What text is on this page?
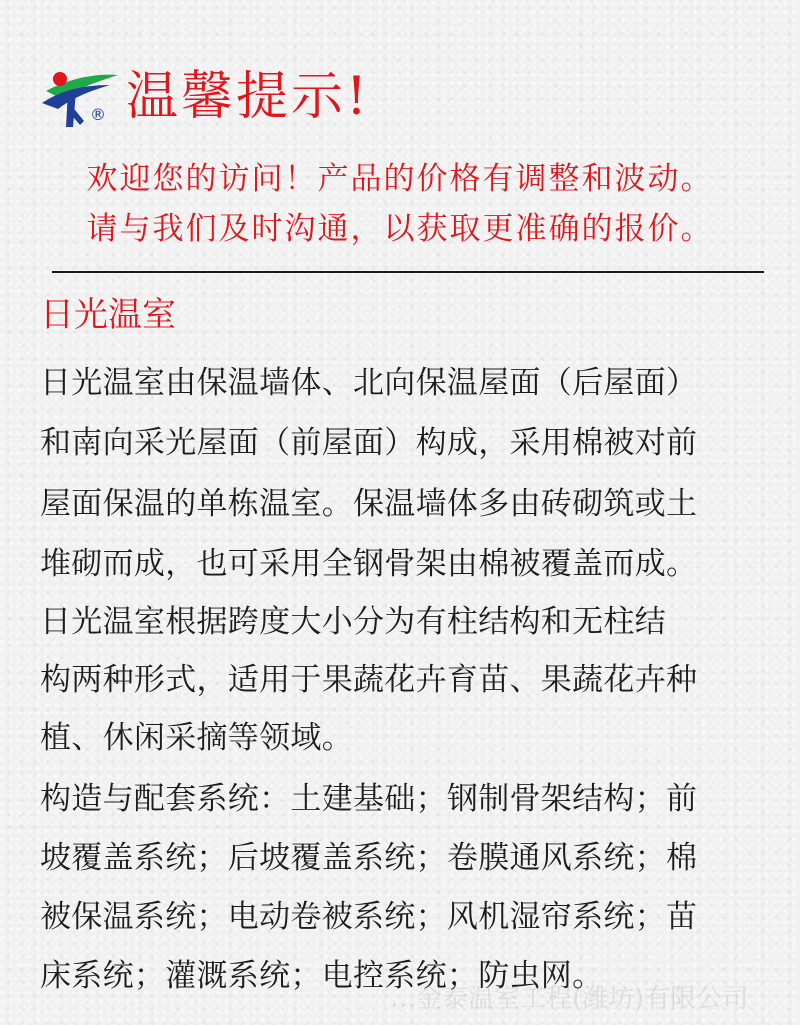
® 温馨提示!
欢迎您的访问！产品的价格有调整和波动。
请与我们及时沟通，以获取更准确的报价。
日光温室
日光温室由保温墙体、北向保温屋面（后屋面）
和南向采光屋面（前屋面）构成，采用棉被对前
屋面保温的单栋温室。保温墙体多由砖砌筑或土
堆砌而成，也可采用全钢骨架由棉被覆盖而成。
日光温室根据跨度大小分为有柱结构和无柱结
构两种形式，适用于果蔬花卉育苗、果蔬花卉种
植、休闲采摘等领域。
构造与配套系统：土建基础；钢制骨架结构；前
坡覆盖系统；后坡覆盖系统；卷膜通风系统；棉
被保温系统；电动卷被系统；风机湿帘系统；苗
床系统；灌溉系统；电控系统；防虫网。
…金泰温室工程(潍坊)有限公司
